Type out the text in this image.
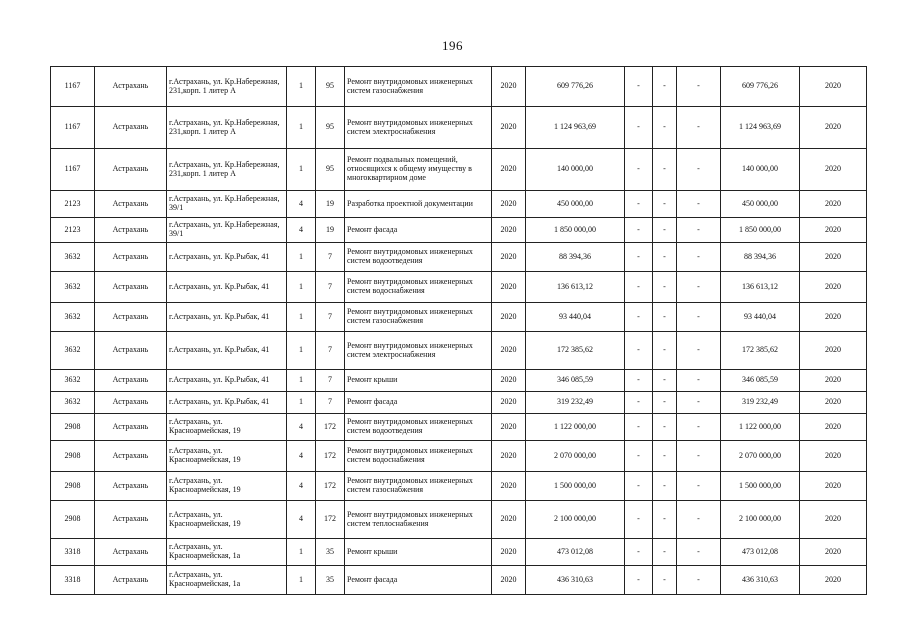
196
1167	Астрахань	г.Астрахань, ул. Кр.Набережная, 231,корп. 1 литер А	1	95	Ремонт внутридомовых инженерных систем газоснабжения	2020	609 776,26	-	-	-	609 776,26	2020
1167	Астрахань	г.Астрахань, ул. Кр.Набережная, 231,корп. 1 литер А	1	95	Ремонт внутридомовых инженерных систем электроснабжения	2020	1 124 963,69	-	-	-	1 124 963,69	2020
1167	Астрахань	г.Астрахань, ул. Кр.Набережная, 231,корп. 1 литер А	1	95	Ремонт подвальных помещений, относящихся к общему имуществу в многоквартирном доме	2020	140 000,00	-	-	-	140 000,00	2020
2123	Астрахань	г.Астрахань, ул. Кр.Набережная, 39/1	4	19	Разработка проектной документации	2020	450 000,00	-	-	-	450 000,00	2020
2123	Астрахань	г.Астрахань, ул. Кр.Набережная, 39/1	4	19	Ремонт фасада	2020	1 850 000,00	-	-	-	1 850 000,00	2020
3632	Астрахань	г.Астрахань, ул. Кр.Рыбак, 41	1	7	Ремонт внутридомовых инженерных систем водоотведения	2020	88 394,36	-	-	-	88 394,36	2020
3632	Астрахань	г.Астрахань, ул. Кр.Рыбак, 41	1	7	Ремонт внутридомовых инженерных систем водоснабжения	2020	136 613,12	-	-	-	136 613,12	2020
3632	Астрахань	г.Астрахань, ул. Кр.Рыбак, 41	1	7	Ремонт внутридомовых инженерных систем газоснабжения	2020	93 440,04	-	-	-	93 440,04	2020
3632	Астрахань	г.Астрахань, ул. Кр.Рыбак, 41	1	7	Ремонт внутридомовых инженерных систем электроснабжения	2020	172 385,62	-	-	-	172 385,62	2020
3632	Астрахань	г.Астрахань, ул. Кр.Рыбак, 41	1	7	Ремонт крыши	2020	346 085,59	-	-	-	346 085,59	2020
3632	Астрахань	г.Астрахань, ул. Кр.Рыбак, 41	1	7	Ремонт фасада	2020	319 232,49	-	-	-	319 232,49	2020
2908	Астрахань	г.Астрахань, ул. Красноармейская, 19	4	172	Ремонт внутридомовых инженерных систем водоотведения	2020	1 122 000,00	-	-	-	1 122 000,00	2020
2908	Астрахань	г.Астрахань, ул. Красноармейская, 19	4	172	Ремонт внутридомовых инженерных систем водоснабжения	2020	2 070 000,00	-	-	-	2 070 000,00	2020
2908	Астрахань	г.Астрахань, ул. Красноармейская, 19	4	172	Ремонт внутридомовых инженерных систем газоснабжения	2020	1 500 000,00	-	-	-	1 500 000,00	2020
2908	Астрахань	г.Астрахань, ул. Красноармейская, 19	4	172	Ремонт внутридомовых инженерных систем теплоснабжения	2020	2 100 000,00	-	-	-	2 100 000,00	2020
3318	Астрахань	г.Астрахань, ул. Красноармейская, 1а	1	35	Ремонт крыши	2020	473 012,08	-	-	-	473 012,08	2020
3318	Астрахань	г.Астрахань, ул. Красноармейская, 1а	1	35	Ремонт фасада	2020	436 310,63	-	-	-	436 310,63	2020
